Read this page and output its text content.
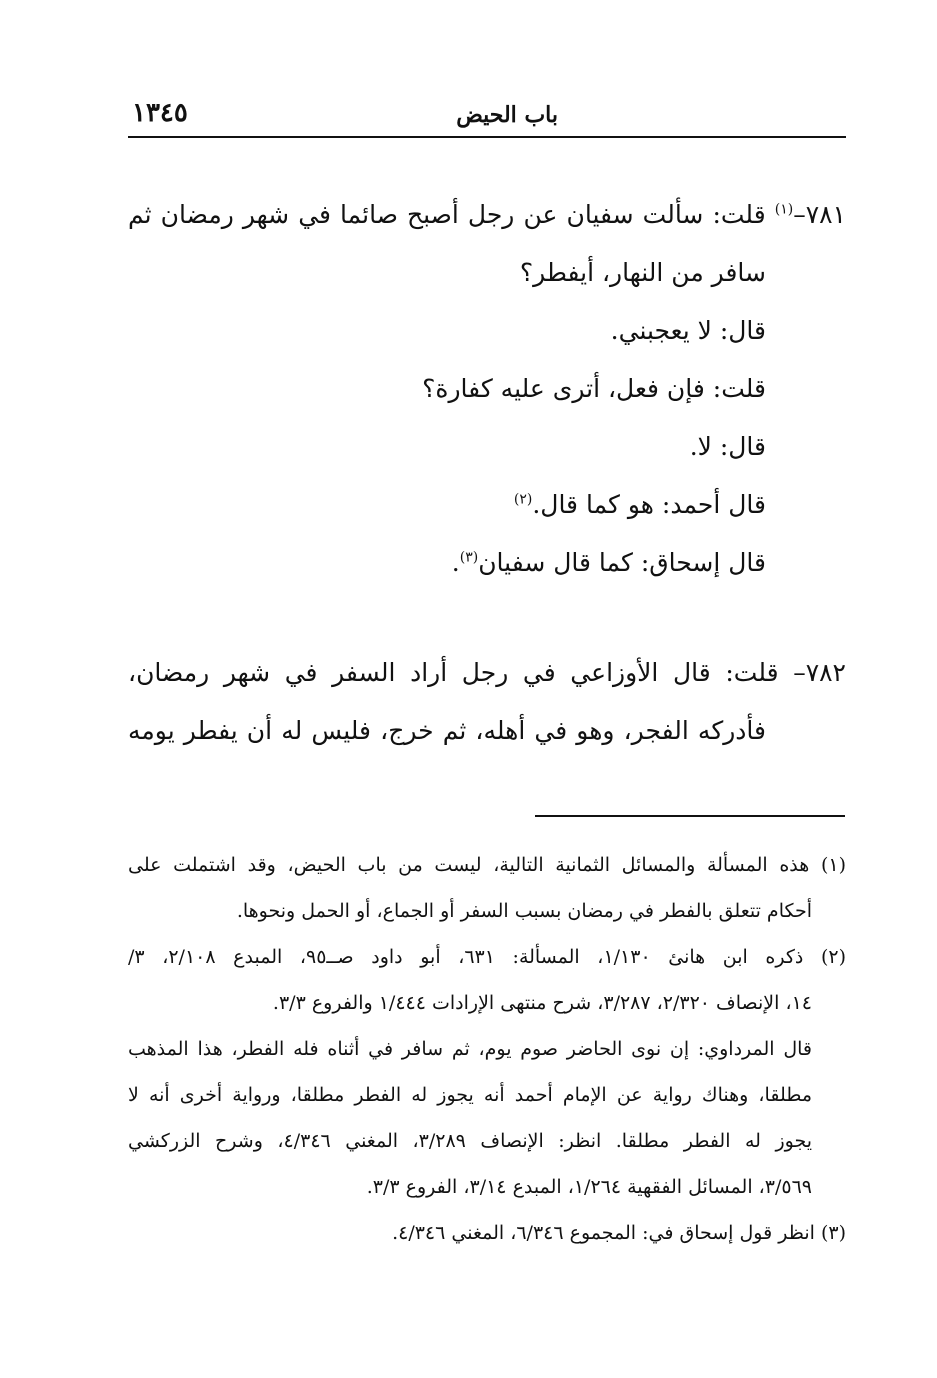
باب الحيض
١٣٤٥
٧٨١–$^{(١)}$ قلت: سألت سفيان عن رجل أصبح صائما في شهر رمضان ثم
سافر من النهار، أيفطر؟
قال: لا يعجبني.
قلت: فإن فعل، أترى عليه كفارة؟
قال: لا.
قال أحمد: هو كما قال.$^{(٢)}$
قال إسحاق: كما قال سفيان$^{(٣)}$.
٧٨٢– قلت: قال الأوزاعي في رجل أراد السفر في شهر رمضان،
فأدركه الفجر، وهو في أهله، ثم خرج، فليس له أن يفطر يومه
(١) هذه المسألة والمسائل الثمانية التالية، ليست من باب الحيض، وقد اشتملت على
أحكام تتعلق بالفطر في رمضان بسبب السفر أو الجماع، أو الحمل ونحوها.
(٢) ذكره ابن هانئ ١/١٣٠، المسألة: ٦٣١، أبو داود صــ٩٥، المبدع ٢/١٠٨، ٣/
١٤، الإنصاف ٢/٣٢٠، ٣/٢٨٧، شرح منتهى الإرادات ١/٤٤٤ والفروع ٣/٣.
قال المرداوي: إن نوى الحاضر صوم يوم، ثم سافر في أثناه فله الفطر، هذا المذهب
مطلقا، وهناك رواية عن الإمام أحمد أنه يجوز له الفطر مطلقا، ورواية أخرى أنه لا
يجوز له الفطر مطلقا. انظر: الإنصاف ٣/٢٨٩، المغني ٤/٣٤٦، وشرح الزركشي
٣/٥٦٩، المسائل الفقهية ١/٢٦٤، المبدع ٣/١٤، الفروع ٣/٣.
(٣) انظر قول إسحاق في: المجموع ٦/٣٤٦، المغني ٤/٣٤٦.
